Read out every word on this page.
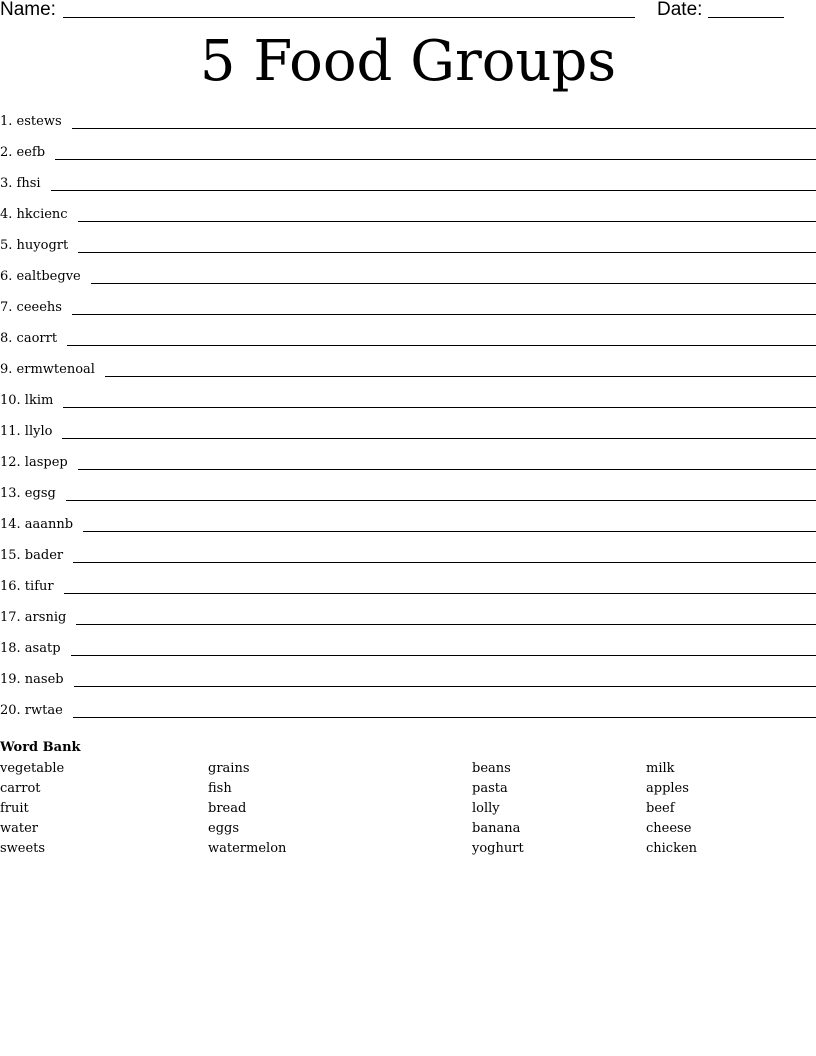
Name:	Date:
5 Food Groups
1. estews
2. eefb
3. fhsi
4. hkcienc
5. huyogrt
6. ealtbegve
7. ceeehs
8. caorrt
9. ermwtenoal
10. lkim
11. llylo
12. laspep
13. egsg
14. aaannb
15. bader
16. tifur
17. arsnig
18. asatp
19. naseb
20. rwtae

Word Bank

vegetable
carrot
fruit
water
sweets
grains
fish
bread
eggs
watermelon
beans
pasta
lolly
banana
yoghurt
milk
apples
beef
cheese
chicken
